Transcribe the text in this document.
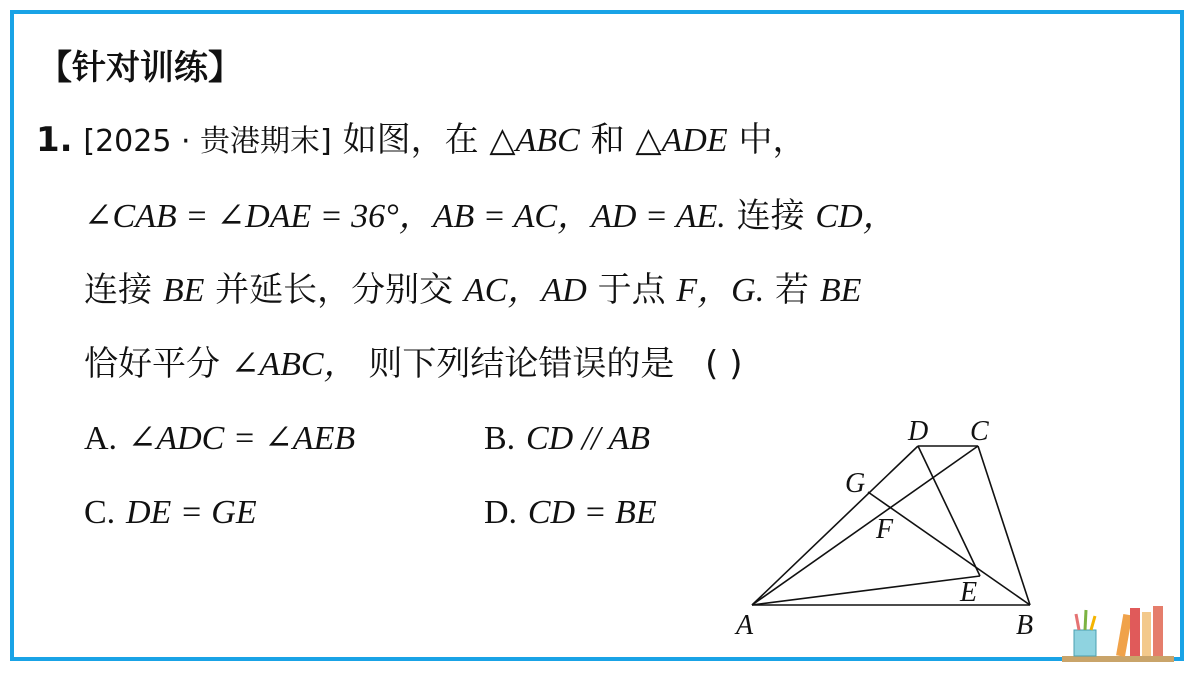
【针对训练】
1. [2025 · 贵港期末] 如图，在 △ABC 和 △ADE 中，
∠CAB = ∠DAE = 36°，AB = AC，AD = AE. 连接 CD，
连接 BE 并延长，分别交 AC，AD 于点 F，G. 若 BE
恰好平分 ∠ABC， 则下列结论错误的是 ( )
A. ∠ADC = ∠AEB	B. CD // AB
C. DE = GE	D. CD = BE
A	B
C
D
E
F
G
